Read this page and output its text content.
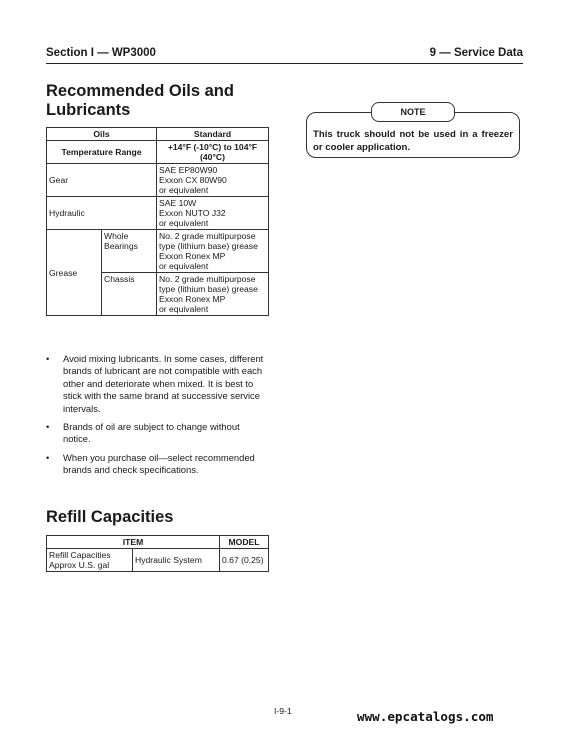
Section I — WP3000	9 — Service Data
Recommended Oils and Lubricants
Oils		Standard
Temperature Range		+14°F (-10°C) to 104°F (40°C)
Gear		SAE EP80W90
Exxon CX 80W90
or equivalent

Hydraulic		SAE 10W
Exxon NUTO J32
or equivalent

Grease	Whole Bearings	No. 2 grade multipurpose
type (lithium base) grease
Exxon Ronex MP
or equivalent

	Chassis	No. 2 grade multipurpose
type (lithium base) grease
Exxon Ronex MP
or equivalent
• Avoid mixing lubricants. In some cases, different brands of lubricant are not compatible with each other and deteriorate when mixed. It is best to stick with the same brand at successive service intervals.
• Brands of oil are subject to change without notice.
• When you purchase oil—select recommended brands and check specifications.
NOTE
This truck should not be used in a freezer or cooler application.
Refill Capacities
ITEM		MODEL
Refill Capacities Approx U.S. gal	Hydraulic System	0.67 (0.25)
I-9-1	www.epcatalogs.com
